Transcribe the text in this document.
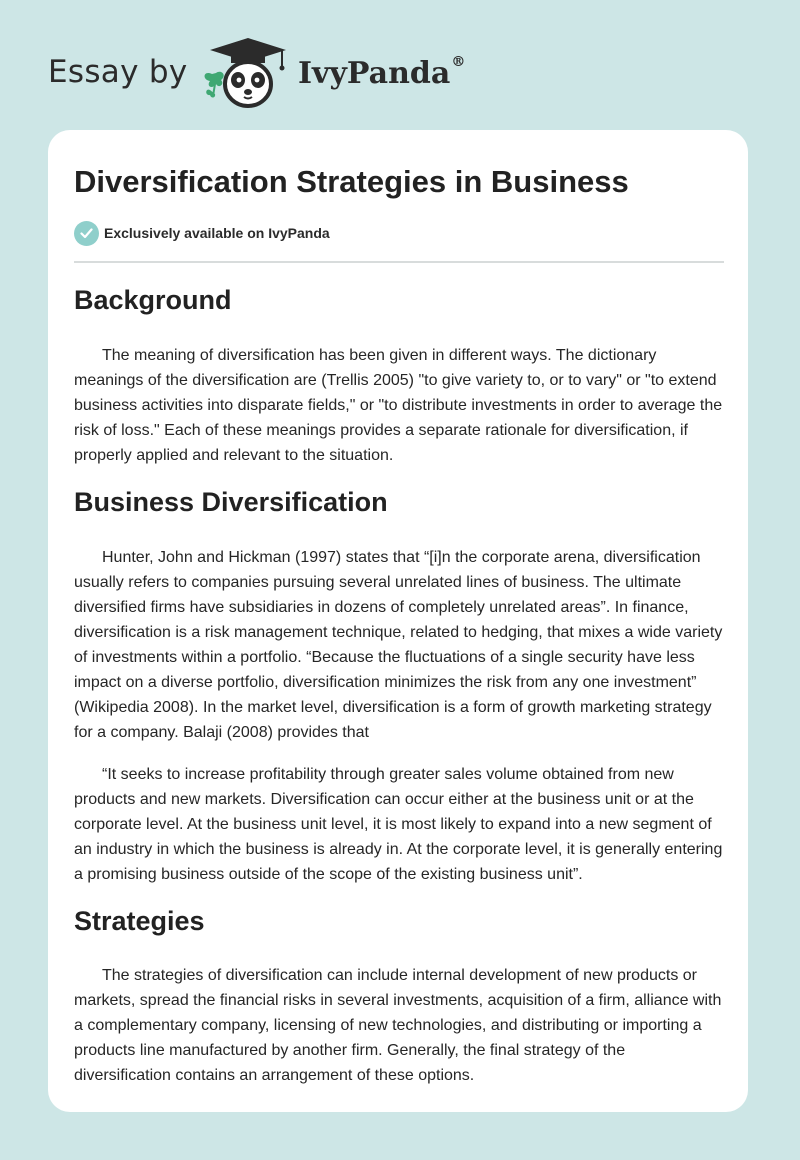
Essay by	IvyPanda®
Diversification Strategies in Business
Exclusively available on IvyPanda
Background

The meaning of diversification has been given in different ways. The dictionary meanings of the diversification are (Trellis 2005) "to give variety to, or to vary" or "to extend business activities into disparate fields," or "to distribute investments in order to average the risk of loss." Each of these meanings provides a separate rationale for diversification, if properly applied and relevant to the situation.

Business Diversification

Hunter, John and Hickman (1997) states that “[i]n the corporate arena, diversification usually refers to companies pursuing several unrelated lines of business. The ultimate diversified firms have subsidiaries in dozens of completely unrelated areas”. In finance, diversification is a risk management technique, related to hedging, that mixes a wide variety of investments within a portfolio. “Because the fluctuations of a single security have less impact on a diverse portfolio, diversification minimizes the risk from any one investment” (Wikipedia 2008). In the market level, diversification is a form of growth marketing strategy for a company. Balaji (2008) provides that

“It seeks to increase profitability through greater sales volume obtained from new products and new markets. Diversification can occur either at the business unit or at the corporate level. At the business unit level, it is most likely to expand into a new segment of an industry in which the business is already in. At the corporate level, it is generally entering a promising business outside of the scope of the existing business unit”.

Strategies

The strategies of diversification can include internal development of new products or markets, spread the financial risks in several investments, acquisition of a firm, alliance with a complementary company, licensing of new technologies, and distributing or importing a products line manufactured by another firm. Generally, the final strategy of the diversification contains an arrangement of these options.
